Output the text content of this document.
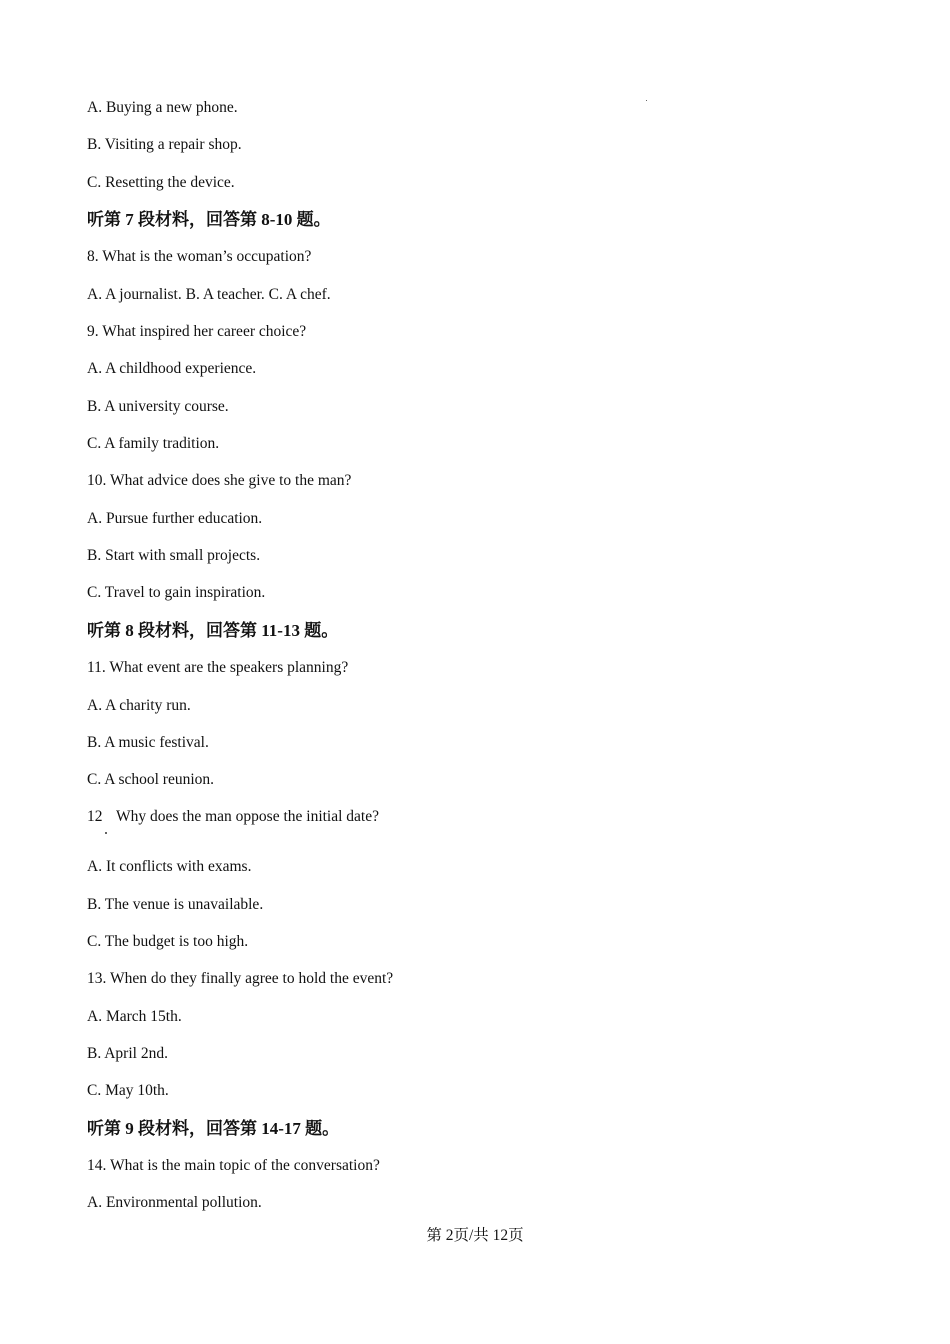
A. Buying a new phone.
B. Visiting a repair shop.
C. Resetting the device.
听第 7 段材料，回答第 8-10 题。
8. What is the woman’s occupation?
A. A journalist. B. A teacher. C. A chef.
9. What inspired her career choice?
A. A childhood experience.
B. A university course.
C. A family tradition.
10. What advice does she give to the man?
A. Pursue further education.
B. Start with small projects.
C. Travel to gain inspiration.
听第 8 段材料，回答第 11-13 题。
11. What event are the speakers planning?
A. A charity run.
B. A music festival.
C. A school reunion.
12 Why does the man oppose the initial date?
A. It conflicts with exams.
B. The venue is unavailable.
C. The budget is too high.
13. When do they finally agree to hold the event?
A. March 15th.
B. April 2nd.
C. May 10th.
听第 9 段材料，回答第 14-17 题。
14. What is the main topic of the conversation?
A. Environmental pollution.
第 2页/共 12页
